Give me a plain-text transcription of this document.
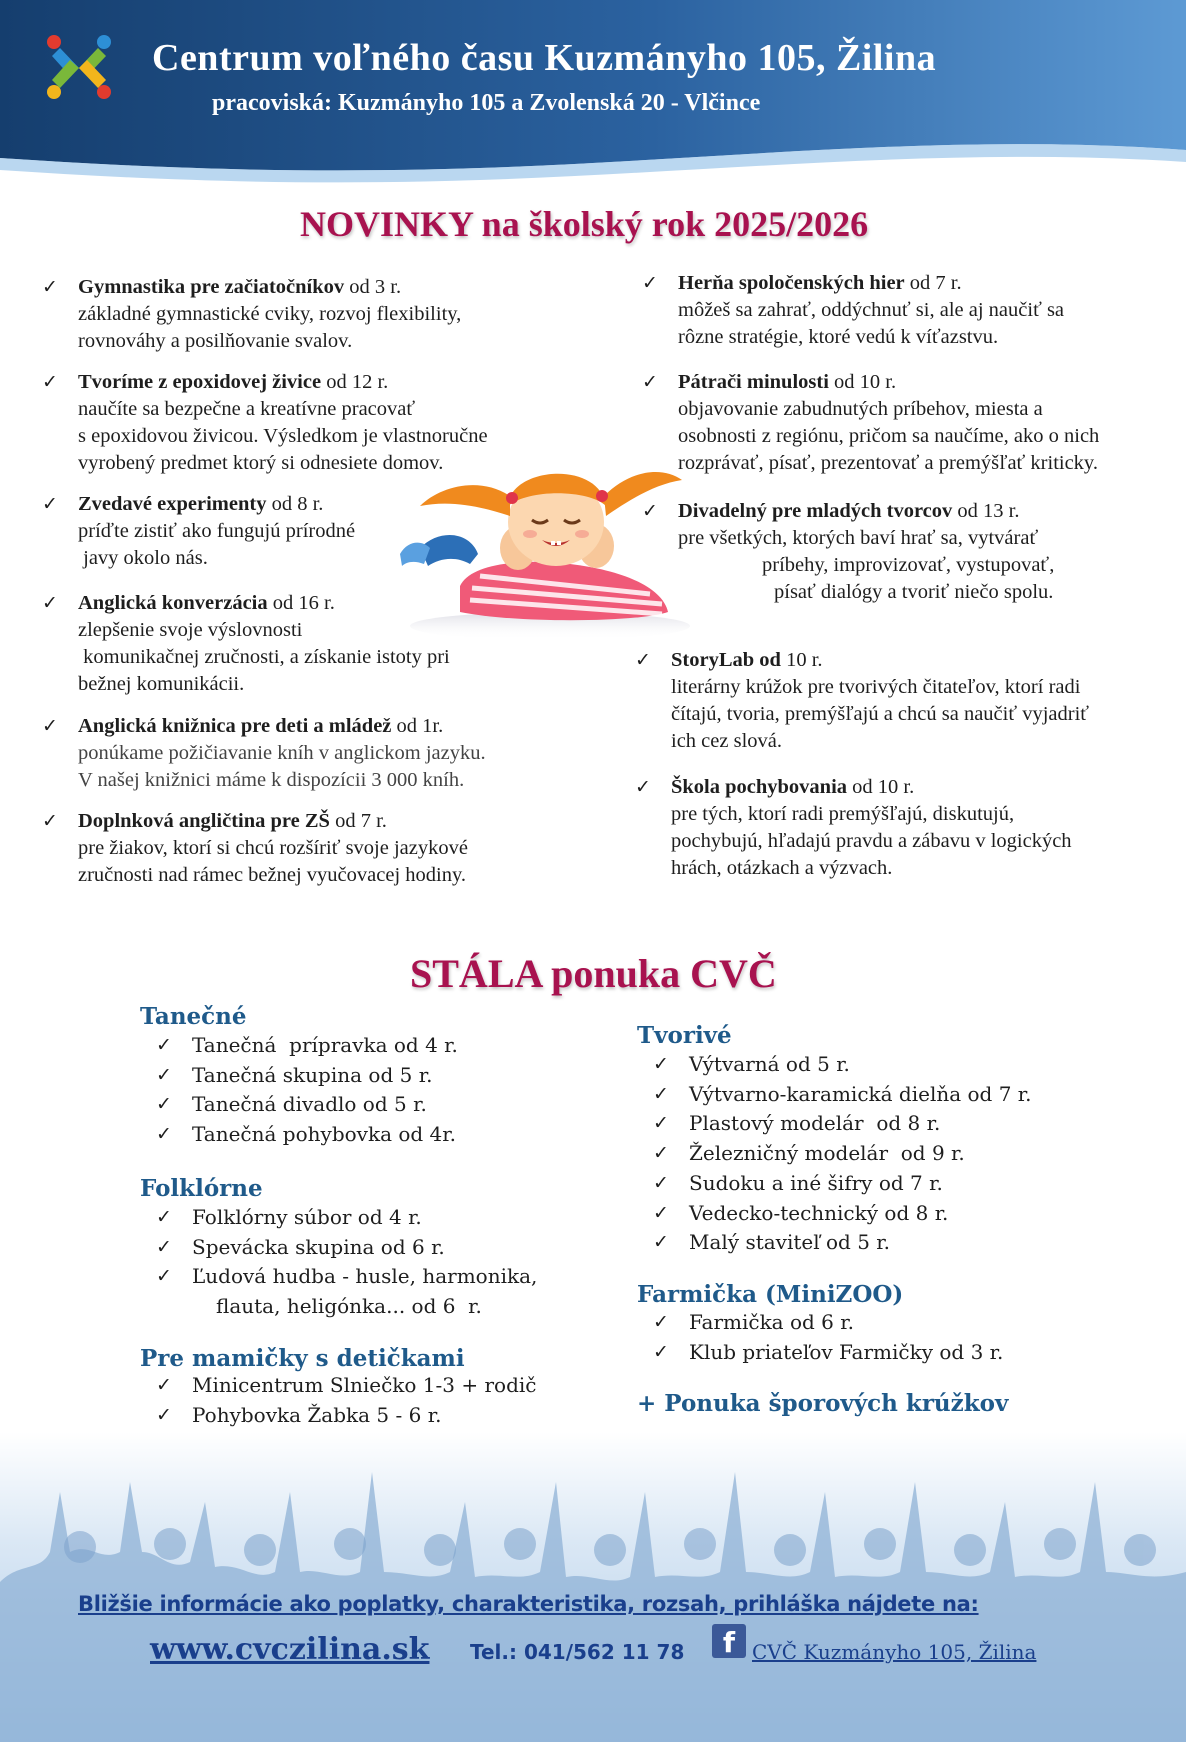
Centrum voľného času Kuzmányho 105, Žilina
pracoviská: Kuzmányho 105 a Zvolenská 20 - Vlčince
NOVINKY na školský rok 2025/2026
✓ Gymnastika pre začiatočníkov od 3 r.
základné gymnastické cviky, rozvoj flexibility,
rovnováhy a posilňovanie svalov.
✓ Tvoríme z epoxidovej živice od 12 r.
naučíte sa bezpečne a kreatívne pracovať
s epoxidovou živicou. Výsledkom je vlastnoručne
vyrobený predmet ktorý si odnesiete domov.
✓ Zvedavé experimenty od 8 r.
príďte zistiť ako fungujú prírodné
javy okolo nás.
✓ Anglická konverzácia od 16 r.
zlepšenie svoje výslovnosti
komunikačnej zručnosti, a získanie istoty pri
bežnej komunikácii.
✓ Anglická knižnica pre deti a mládež od 1r.
ponúkame požičiavanie kníh v anglickom jazyku.
V našej knižnici máme k dispozícii 3 000 kníh.
✓ Doplnková angličtina pre ZŠ od 7 r.
pre žiakov, ktorí si chcú rozšíriť svoje jazykové
zručnosti nad rámec bežnej vyučovacej hodiny.
✓ Herňa spoločenských hier od 7 r.
môžeš sa zahrať, oddýchnuť si, ale aj naučiť sa
rôzne stratégie, ktoré vedú k víťazstvu.
✓ Pátrači minulosti od 10 r.
objavovanie zabudnutých príbehov, miesta a
osobnosti z regiónu, pričom sa naučíme, ako o nich
rozprávať, písať, prezentovať a premýšľať kriticky.
✓ Divadelný pre mladých tvorcov od 13 r.
pre všetkých, ktorých baví hrať sa, vytvárať
príbehy, improvizovať, vystupovať,
písať dialógy a tvoriť niečo spolu.
✓ StoryLab od 10 r.
literárny krúžok pre tvorivých čitateľov, ktorí radi
čítajú, tvoria, premýšľajú a chcú sa naučiť vyjadriť
ich cez slová.
✓ Škola pochybovania od 10 r.
pre tých, ktorí radi premýšľajú, diskutujú,
pochybujú, hľadajú pravdu a zábavu v logických
hrách, otázkach a výzvach.
STÁLA ponuka CVČ
Tanečné
✓ Tanečná  prípravka od 4 r.
✓ Tanečná skupina od 5 r.
✓ Tanečná divadlo od 5 r.
✓ Tanečná pohybovka od 4r.
Folklórne
✓ Folklórny súbor od 4 r.
✓ Spevácka skupina od 6 r.
✓ Ľudová hudba - husle, harmonika,
flauta, heligónka... od 6  r.
Pre mamičky s detičkami
✓ Minicentrum Slniečko 1-3 + rodič
✓ Pohybovka Žabka 5 - 6 r.
Tvorivé
✓ Výtvarná od 5 r.
✓ Výtvarno-karamická dielňa od 7 r.
✓ Plastový modelár  od 8 r.
✓ Železničný modelár  od 9 r.
✓ Sudoku a iné šifry od 7 r.
✓ Vedecko-technický od 8 r.
✓ Malý staviteľ od 5 r.
Farmička (MiniZOO)
✓ Farmička od 6 r.
✓ Klub priateľov Farmičky od 3 r.
+ Ponuka šporových krúžkov
Bližšie informácie ako poplatky, charakteristika, rozsah, prihláška nájdete na:
www.cvczilina.sk Tel.: 041/562 11 78	f CVČ Kuzmányho 105, Žilina
